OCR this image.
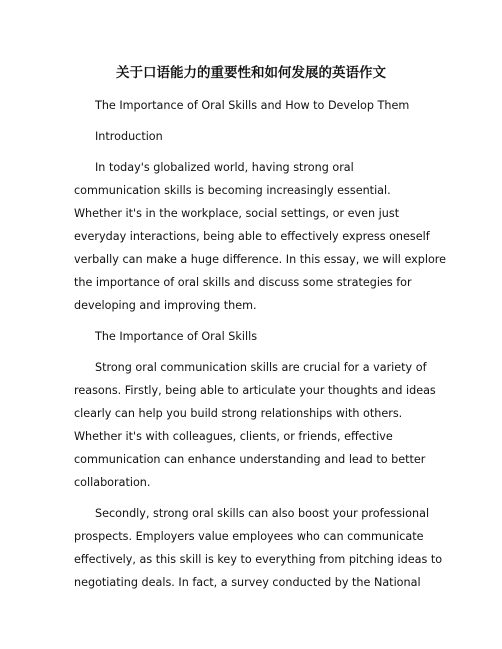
关于口语能力的重要性和如何发展的英语作文

The Importance of Oral Skills and How to Develop Them

Introduction

In today's globalized world, having strong oral

communication skills is becoming increasingly essential.

Whether it's in the workplace, social settings, or even just

everyday interactions, being able to effectively express oneself

verbally can make a huge difference. In this essay, we will explore

the importance of oral skills and discuss some strategies for

developing and improving them.

The Importance of Oral Skills

Strong oral communication skills are crucial for a variety of

reasons. Firstly, being able to articulate your thoughts and ideas

clearly can help you build strong relationships with others.

Whether it's with colleagues, clients, or friends, effective

communication can enhance understanding and lead to better

collaboration.

Secondly, strong oral skills can also boost your professional

prospects. Employers value employees who can communicate

effectively, as this skill is key to everything from pitching ideas to

negotiating deals. In fact, a survey conducted by the National
